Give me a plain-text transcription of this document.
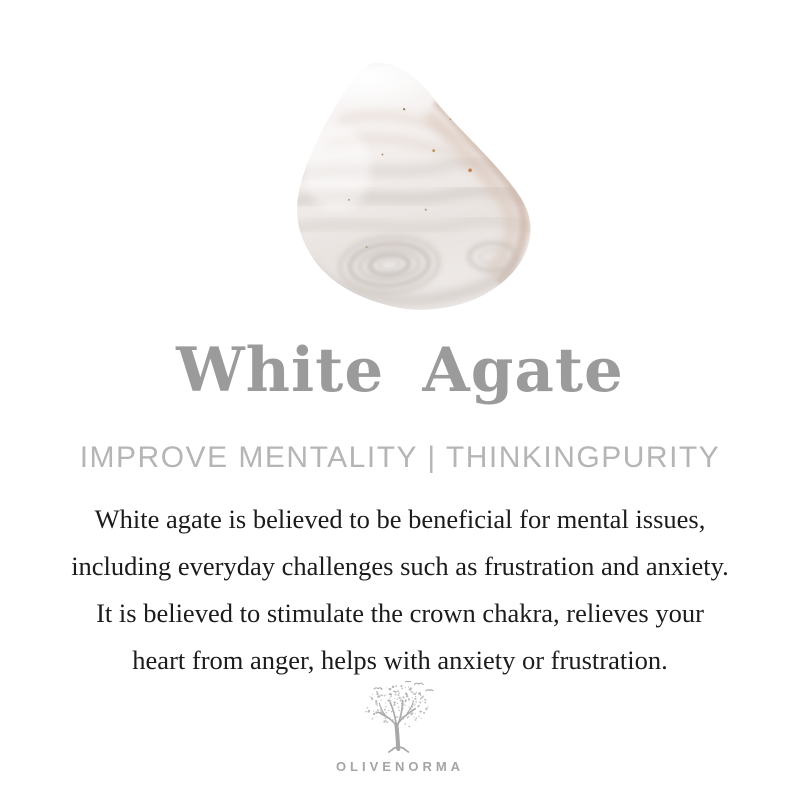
White Agate
IMPROVE MENTALITY | THINKINGPURITY
White agate is believed to be beneficial for mental issues,
including everyday challenges such as frustration and anxiety.
It is believed to stimulate the crown chakra, relieves your
heart from anger, helps with anxiety or frustration.
OLIVENORMA
